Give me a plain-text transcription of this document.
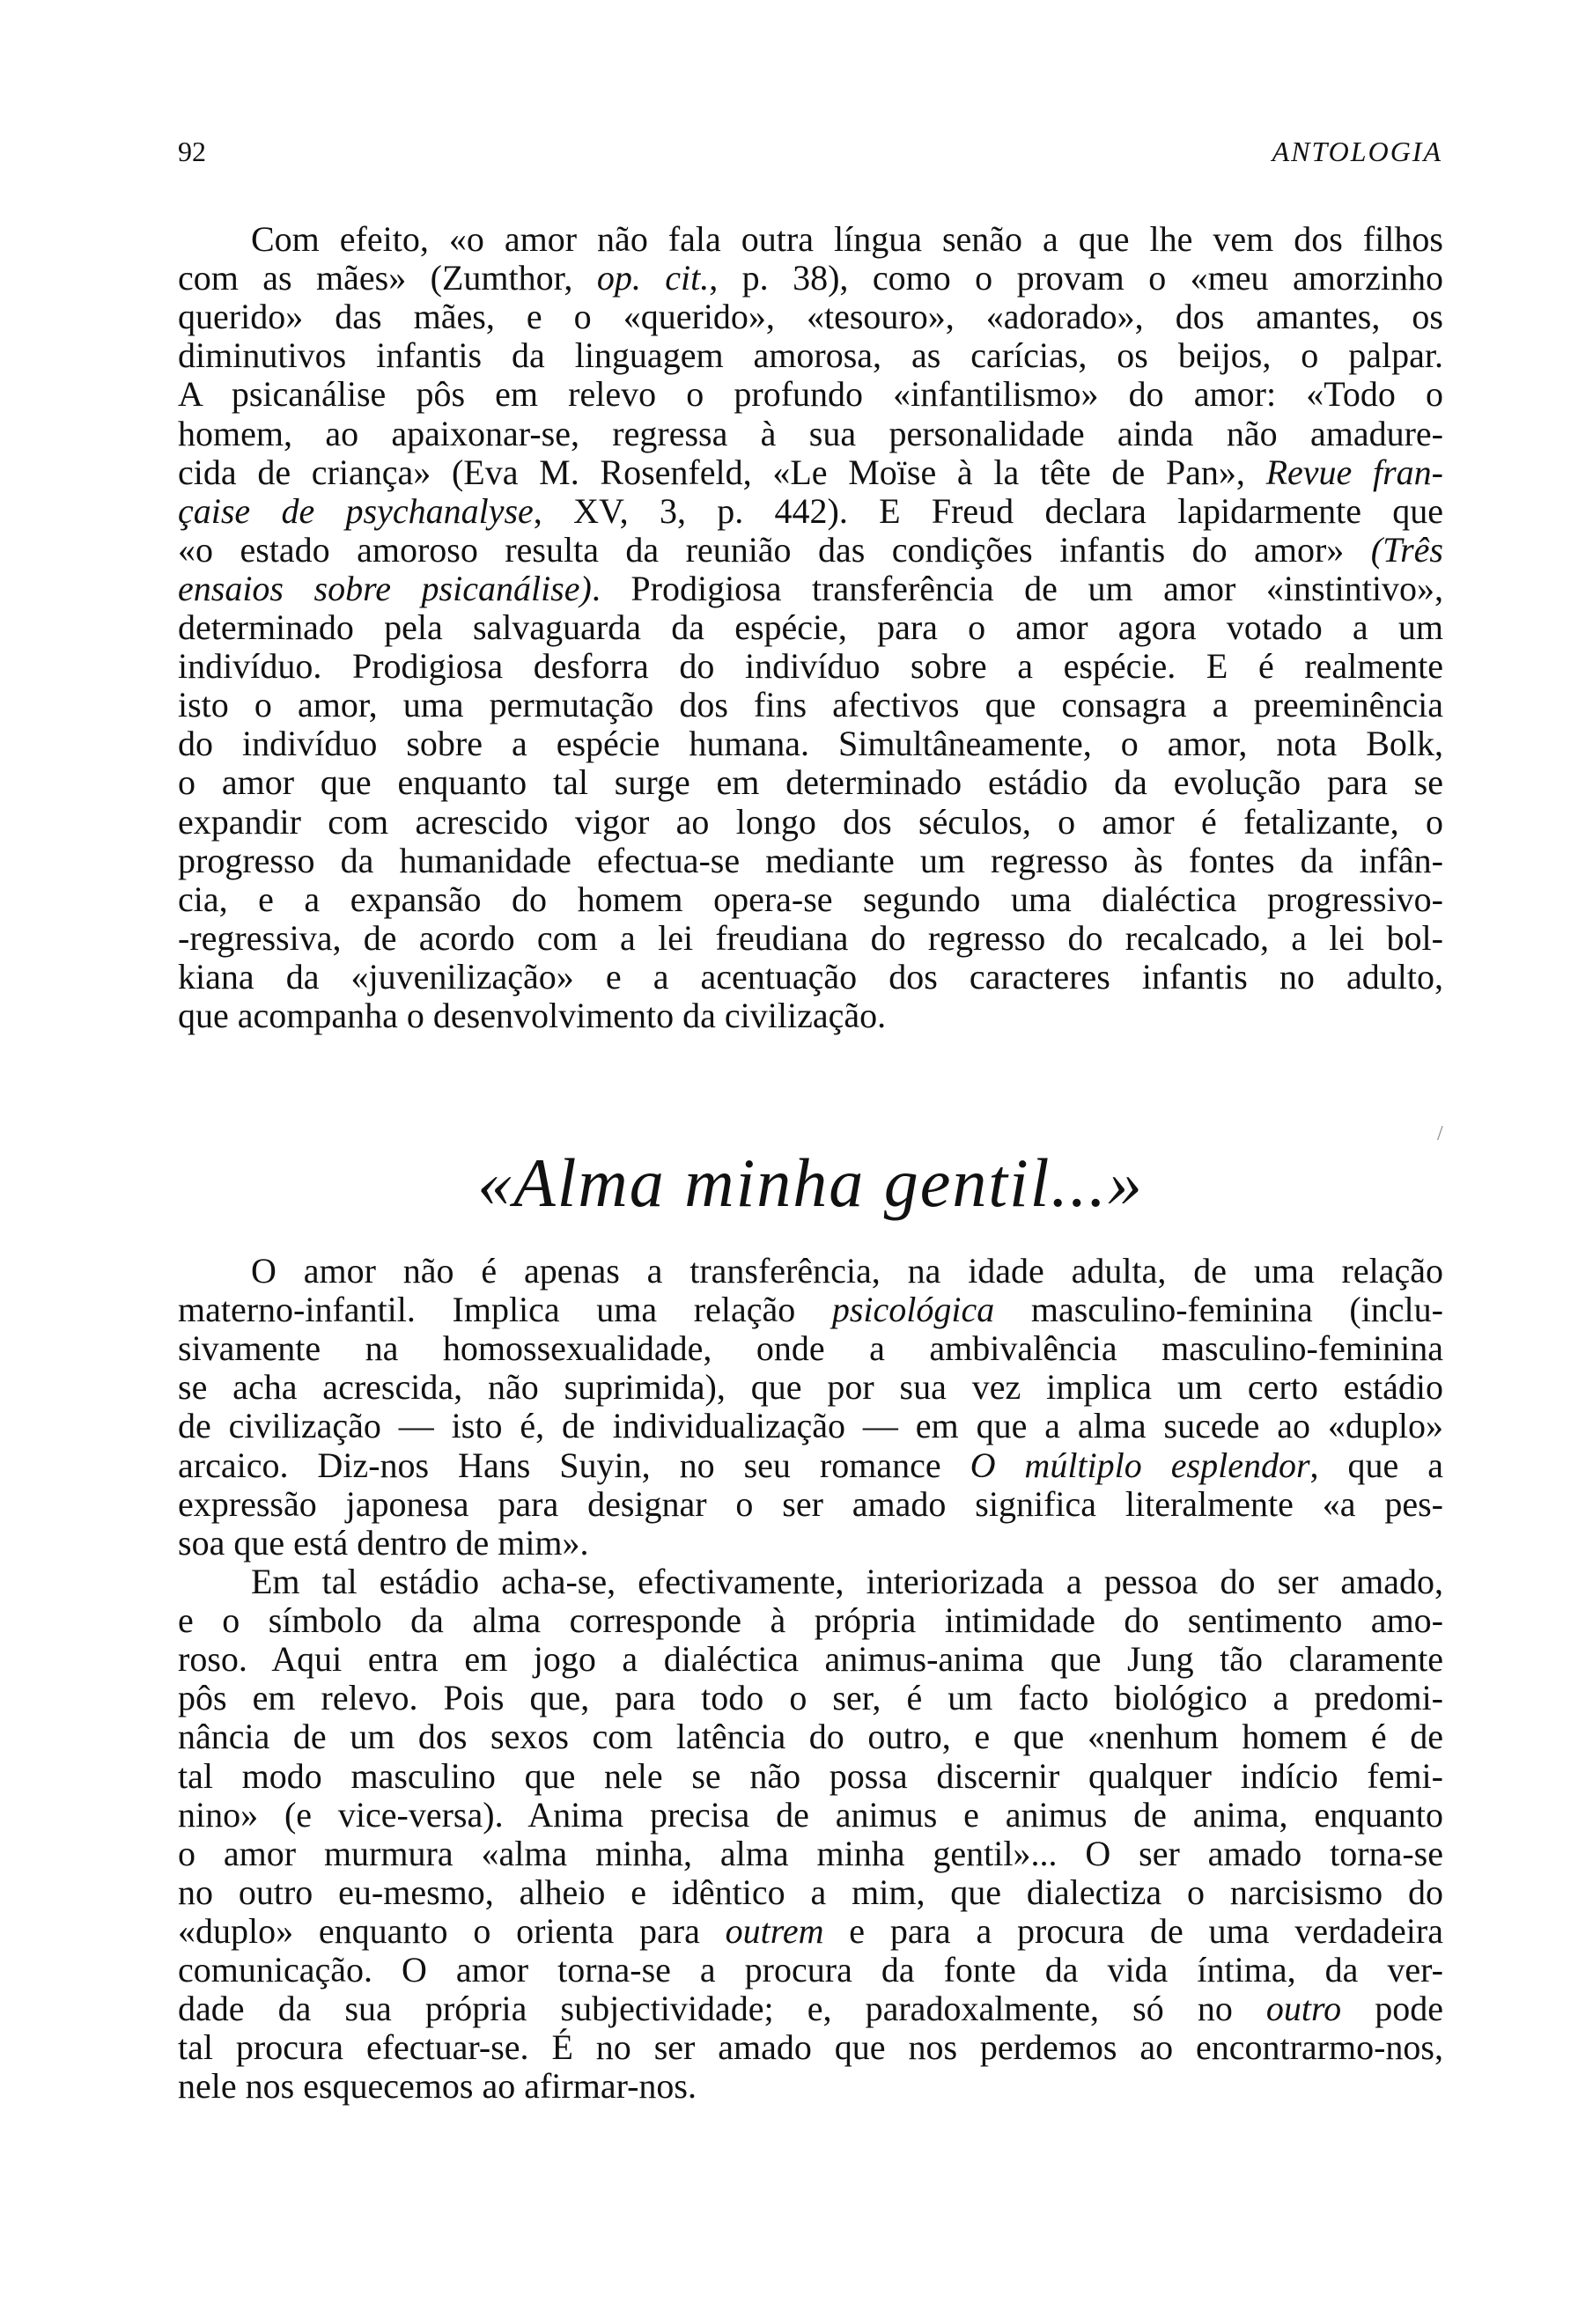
92	ANTOLOGIA
Com efeito, «o amor não fala outra língua senão a que lhe vem dos filhos
com as mães» (Zumthor, op. cit., p. 38), como o provam o «meu amorzinho
querido» das mães, e o «querido», «tesouro», «adorado», dos amantes, os
diminutivos infantis da linguagem amorosa, as carícias, os beijos, o palpar.
A psicanálise pôs em relevo o profundo «infantilismo» do amor: «Todo o
homem, ao apaixonar-se, regressa à sua personalidade ainda não amadure-
cida de criança» (Eva M. Rosenfeld, «Le Moïse à la tête de Pan», Revue fran-
çaise de psychanalyse, XV, 3, p. 442). E Freud declara lapidarmente que
«o estado amoroso resulta da reunião das condições infantis do amor» (Três
ensaios sobre psicanálise). Prodigiosa transferência de um amor «instintivo»,
determinado pela salvaguarda da espécie, para o amor agora votado a um
indivíduo. Prodigiosa desforra do indivíduo sobre a espécie. E é realmente
isto o amor, uma permutação dos fins afectivos que consagra a preeminência
do indivíduo sobre a espécie humana. Simultâneamente, o amor, nota Bolk,
o amor que enquanto tal surge em determinado estádio da evolução para se
expandir com acrescido vigor ao longo dos séculos, o amor é fetalizante, o
progresso da humanidade efectua-se mediante um regresso às fontes da infân-
cia, e a expansão do homem opera-se segundo uma dialéctica progressivo-
-regressiva, de acordo com a lei freudiana do regresso do recalcado, a lei bol-
kiana da «juvenilização» e a acentuação dos caracteres infantis no adulto,
que acompanha o desenvolvimento da civilização.
«Alma minha gentil...»
/
O amor não é apenas a transferência, na idade adulta, de uma relação
materno-infantil. Implica uma relação psicológica masculino-feminina (inclu-
sivamente na homossexualidade, onde a ambivalência masculino-feminina
se acha acrescida, não suprimida), que por sua vez implica um certo estádio
de civilização — isto é, de individualização — em que a alma sucede ao «duplo»
arcaico. Diz-nos Hans Suyin, no seu romance O múltiplo esplendor, que a
expressão japonesa para designar o ser amado significa literalmente «a pes-
soa que está dentro de mim».
Em tal estádio acha-se, efectivamente, interiorizada a pessoa do ser amado,
e o símbolo da alma corresponde à própria intimidade do sentimento amo-
roso. Aqui entra em jogo a dialéctica animus-anima que Jung tão claramente
pôs em relevo. Pois que, para todo o ser, é um facto biológico a predomi-
nância de um dos sexos com latência do outro, e que «nenhum homem é de
tal modo masculino que nele se não possa discernir qualquer indício femi-
nino» (e vice-versa). Anima precisa de animus e animus de anima, enquanto
o amor murmura «alma minha, alma minha gentil»... O ser amado torna-se
no outro eu-mesmo, alheio e idêntico a mim, que dialectiza o narcisismo do
«duplo» enquanto o orienta para outrem e para a procura de uma verdadeira
comunicação. O amor torna-se a procura da fonte da vida íntima, da ver-
dade da sua própria subjectividade; e, paradoxalmente, só no outro pode
tal procura efectuar-se. É no ser amado que nos perdemos ao encontrarmo-nos,
nele nos esquecemos ao afirmar-nos.
